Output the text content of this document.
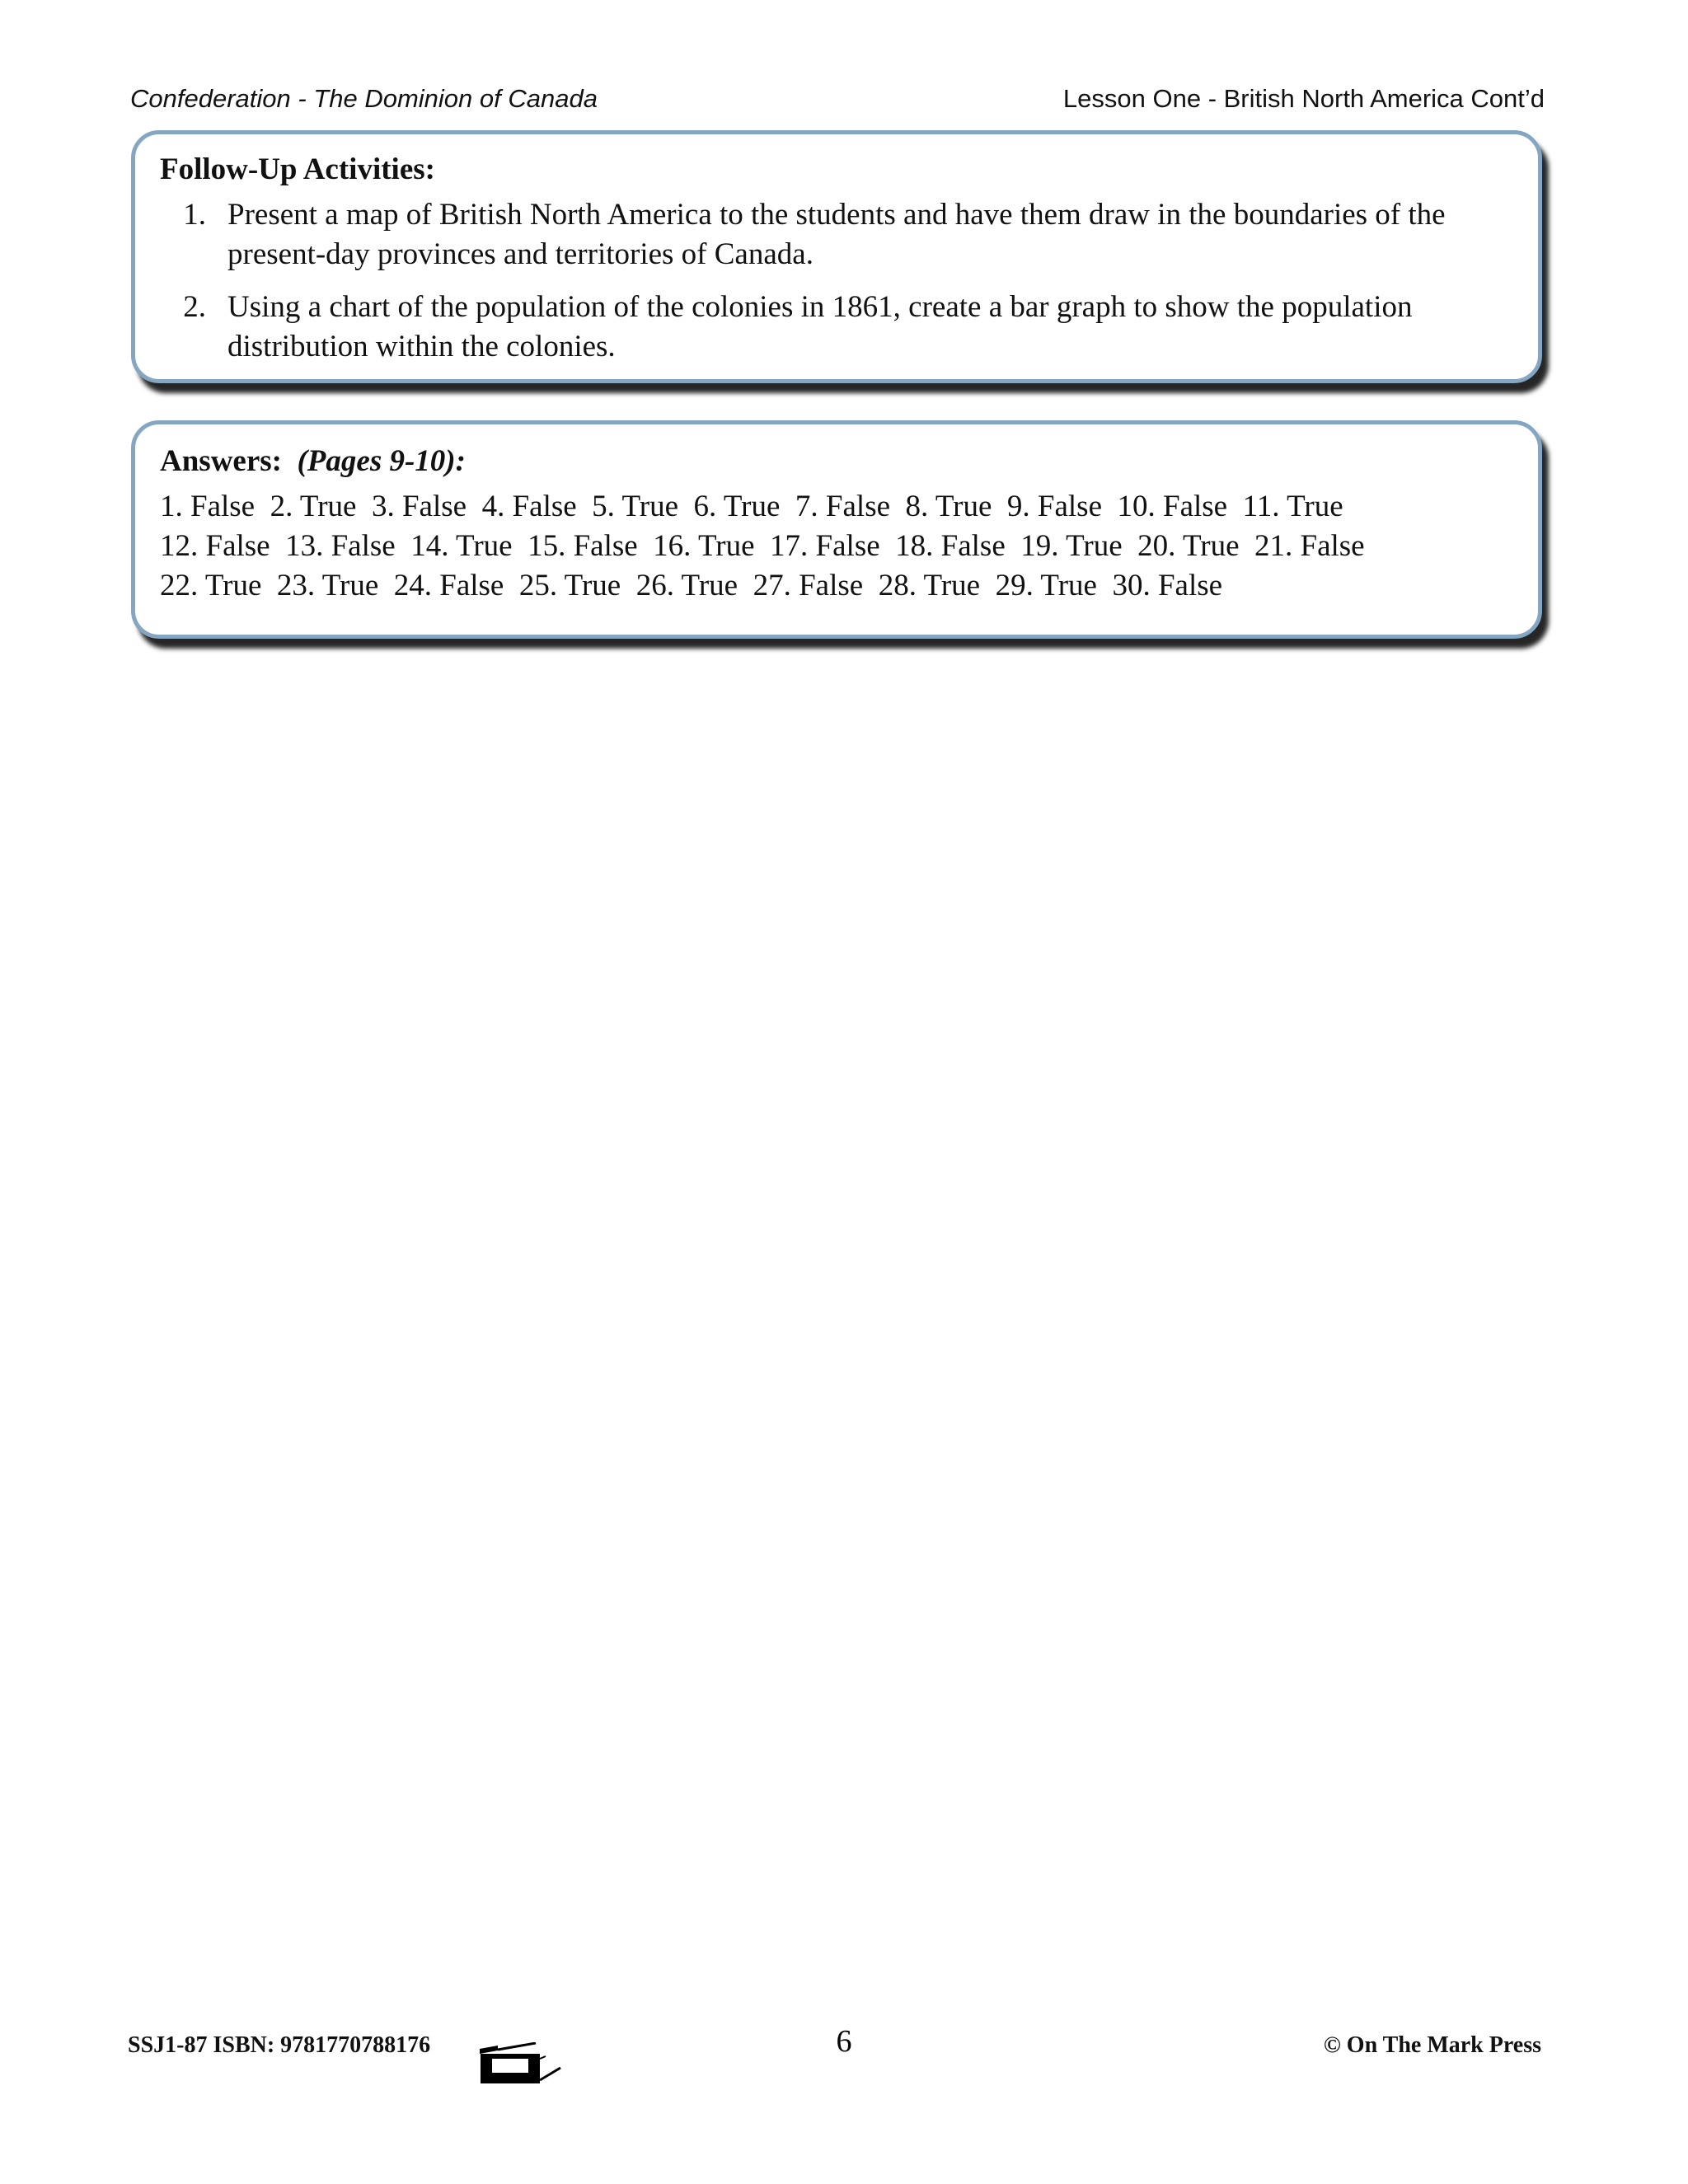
Confederation - The Dominion of Canada	Lesson One - British North America Cont’d
Follow-Up Activities:
1. Present a map of British North America to the students and have them draw in the boundaries of the present-day provinces and territories of Canada.
2. Using a chart of the population of the colonies in 1861, create a bar graph to show the population distribution within the colonies.
Answers: (Pages 9-10):
1. False  2. True  3. False  4. False  5. True  6. True  7. False  8. True  9. False  10. False  11. True
12. False  13. False  14. True  15. False  16. True  17. False  18. False  19. True  20. True  21. False
22. True  23. True  24. False  25. True  26. True  27. False  28. True  29. True  30. False
SSJ1-87 ISBN: 9781770788176	6	© On The Mark Press
